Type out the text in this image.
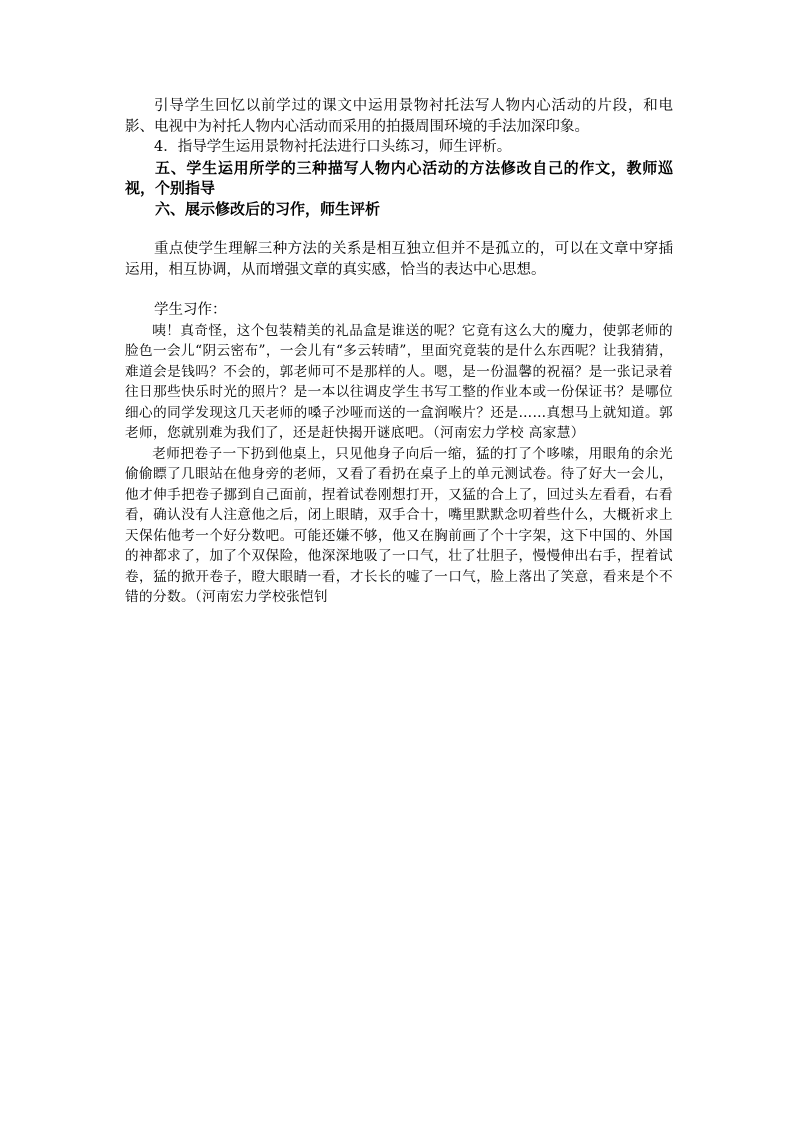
引导学生回忆以前学过的课文中运用景物衬托法写人物内心活动的片段，和电影、电视中为衬托人物内心活动而采用的拍摄周围环境的手法加深印象。

4．指导学生运用景物衬托法进行口头练习，师生评析。

五、学生运用所学的三种描写人物内心活动的方法修改自己的作文，教师巡视，个别指导

六、展示修改后的习作，师生评析

重点使学生理解三种方法的关系是相互独立但并不是孤立的，可以在文章中穿插运用，相互协调，从而增强文章的真实感，恰当的表达中心思想。

学生习作：

咦！真奇怪，这个包装精美的礼品盒是谁送的呢？它竟有这么大的魔力，使郭老师的脸色一会儿“阴云密布”，一会儿有“多云转晴”，里面究竟装的是什么东西呢？让我猜猜，难道会是钱吗？不会的，郭老师可不是那样的人。嗯，是一份温馨的祝福？是一张记录着往日那些快乐时光的照片？是一本以往调皮学生书写工整的作业本或一份保证书？是哪位细心的同学发现这几天老师的嗓子沙哑而送的一盒润喉片？还是……真想马上就知道。郭老师，您就别难为我们了，还是赶快揭开谜底吧。（河南宏力学校 高家慧）

老师把卷子一下扔到他桌上，只见他身子向后一缩，猛的打了个哆嗦，用眼角的余光偷偷瞟了几眼站在他身旁的老师，又看了看扔在桌子上的单元测试卷。待了好大一会儿，他才伸手把卷子挪到自己面前，捏着试卷刚想打开，又猛的合上了，回过头左看看，右看看，确认没有人注意他之后，闭上眼睛，双手合十，嘴里默默念叨着些什么，大概祈求上天保佑他考一个好分数吧。可能还嫌不够，他又在胸前画了个十字架，这下中国的、外国的神都求了，加了个双保险，他深深地吸了一口气，壮了壮胆子，慢慢伸出右手，捏着试卷，猛的掀开卷子，瞪大眼睛一看，才长长的嘘了一口气，脸上落出了笑意，看来是个不错的分数。（河南宏力学校张恺钊
